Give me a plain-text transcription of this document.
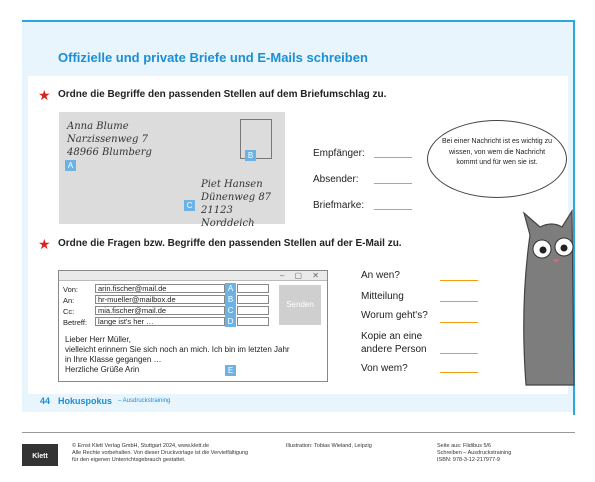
Offizielle und private Briefe und E-Mails schreiben
★ Ordne die Begriffe den passenden Stellen auf dem Briefumschlag zu.
Anna Blume
Narzissenweg 7
48966 Blumberg
A
B
Piet Hansen
Dünenweg 87
21123 Norddeich
C
Empfänger:
Absender:
Briefmarke:
Bei einer Nachricht ist es wichtig zu wissen, von wem die Nachricht kommt und für wen sie ist.
★ Ordne die Fragen bzw. Begriffe den passenden Stellen auf der E-Mail zu.
– ▢ ✕
Von:	arin.fischer@mail.de	A
An:	hr-mueller@mailbox.de	B
Cc:	mia.fischer@mail.de	C
Betreff:	lange ist's her …	D
Senden
Lieber Herr Müller,
vielleicht erinnern Sie sich noch an mich. Ich bin im letzten Jahr
in Ihre Klasse gegangen …
Herzliche Grüße Arin	E
An wen?
Mitteilung
Worum geht's?
Kopie an eine andere Person
Von wem?
44 Hokuspokus – Ausdruckstraining
Klett
© Ernst Klett Verlag GmbH, Stuttgart 2024, www.klett.de
Alle Rechte vorbehalten. Von dieser Druckvorlage ist die Vervielfältigung
für den eigenen Unterrichtsgebrauch gestattet.
Illustration: Tobias Wieland, Leipzig	Seite aus: Flidibus 5/6
Schreiben – Ausdruckstraining
ISBN: 978-3-12-217977-9
